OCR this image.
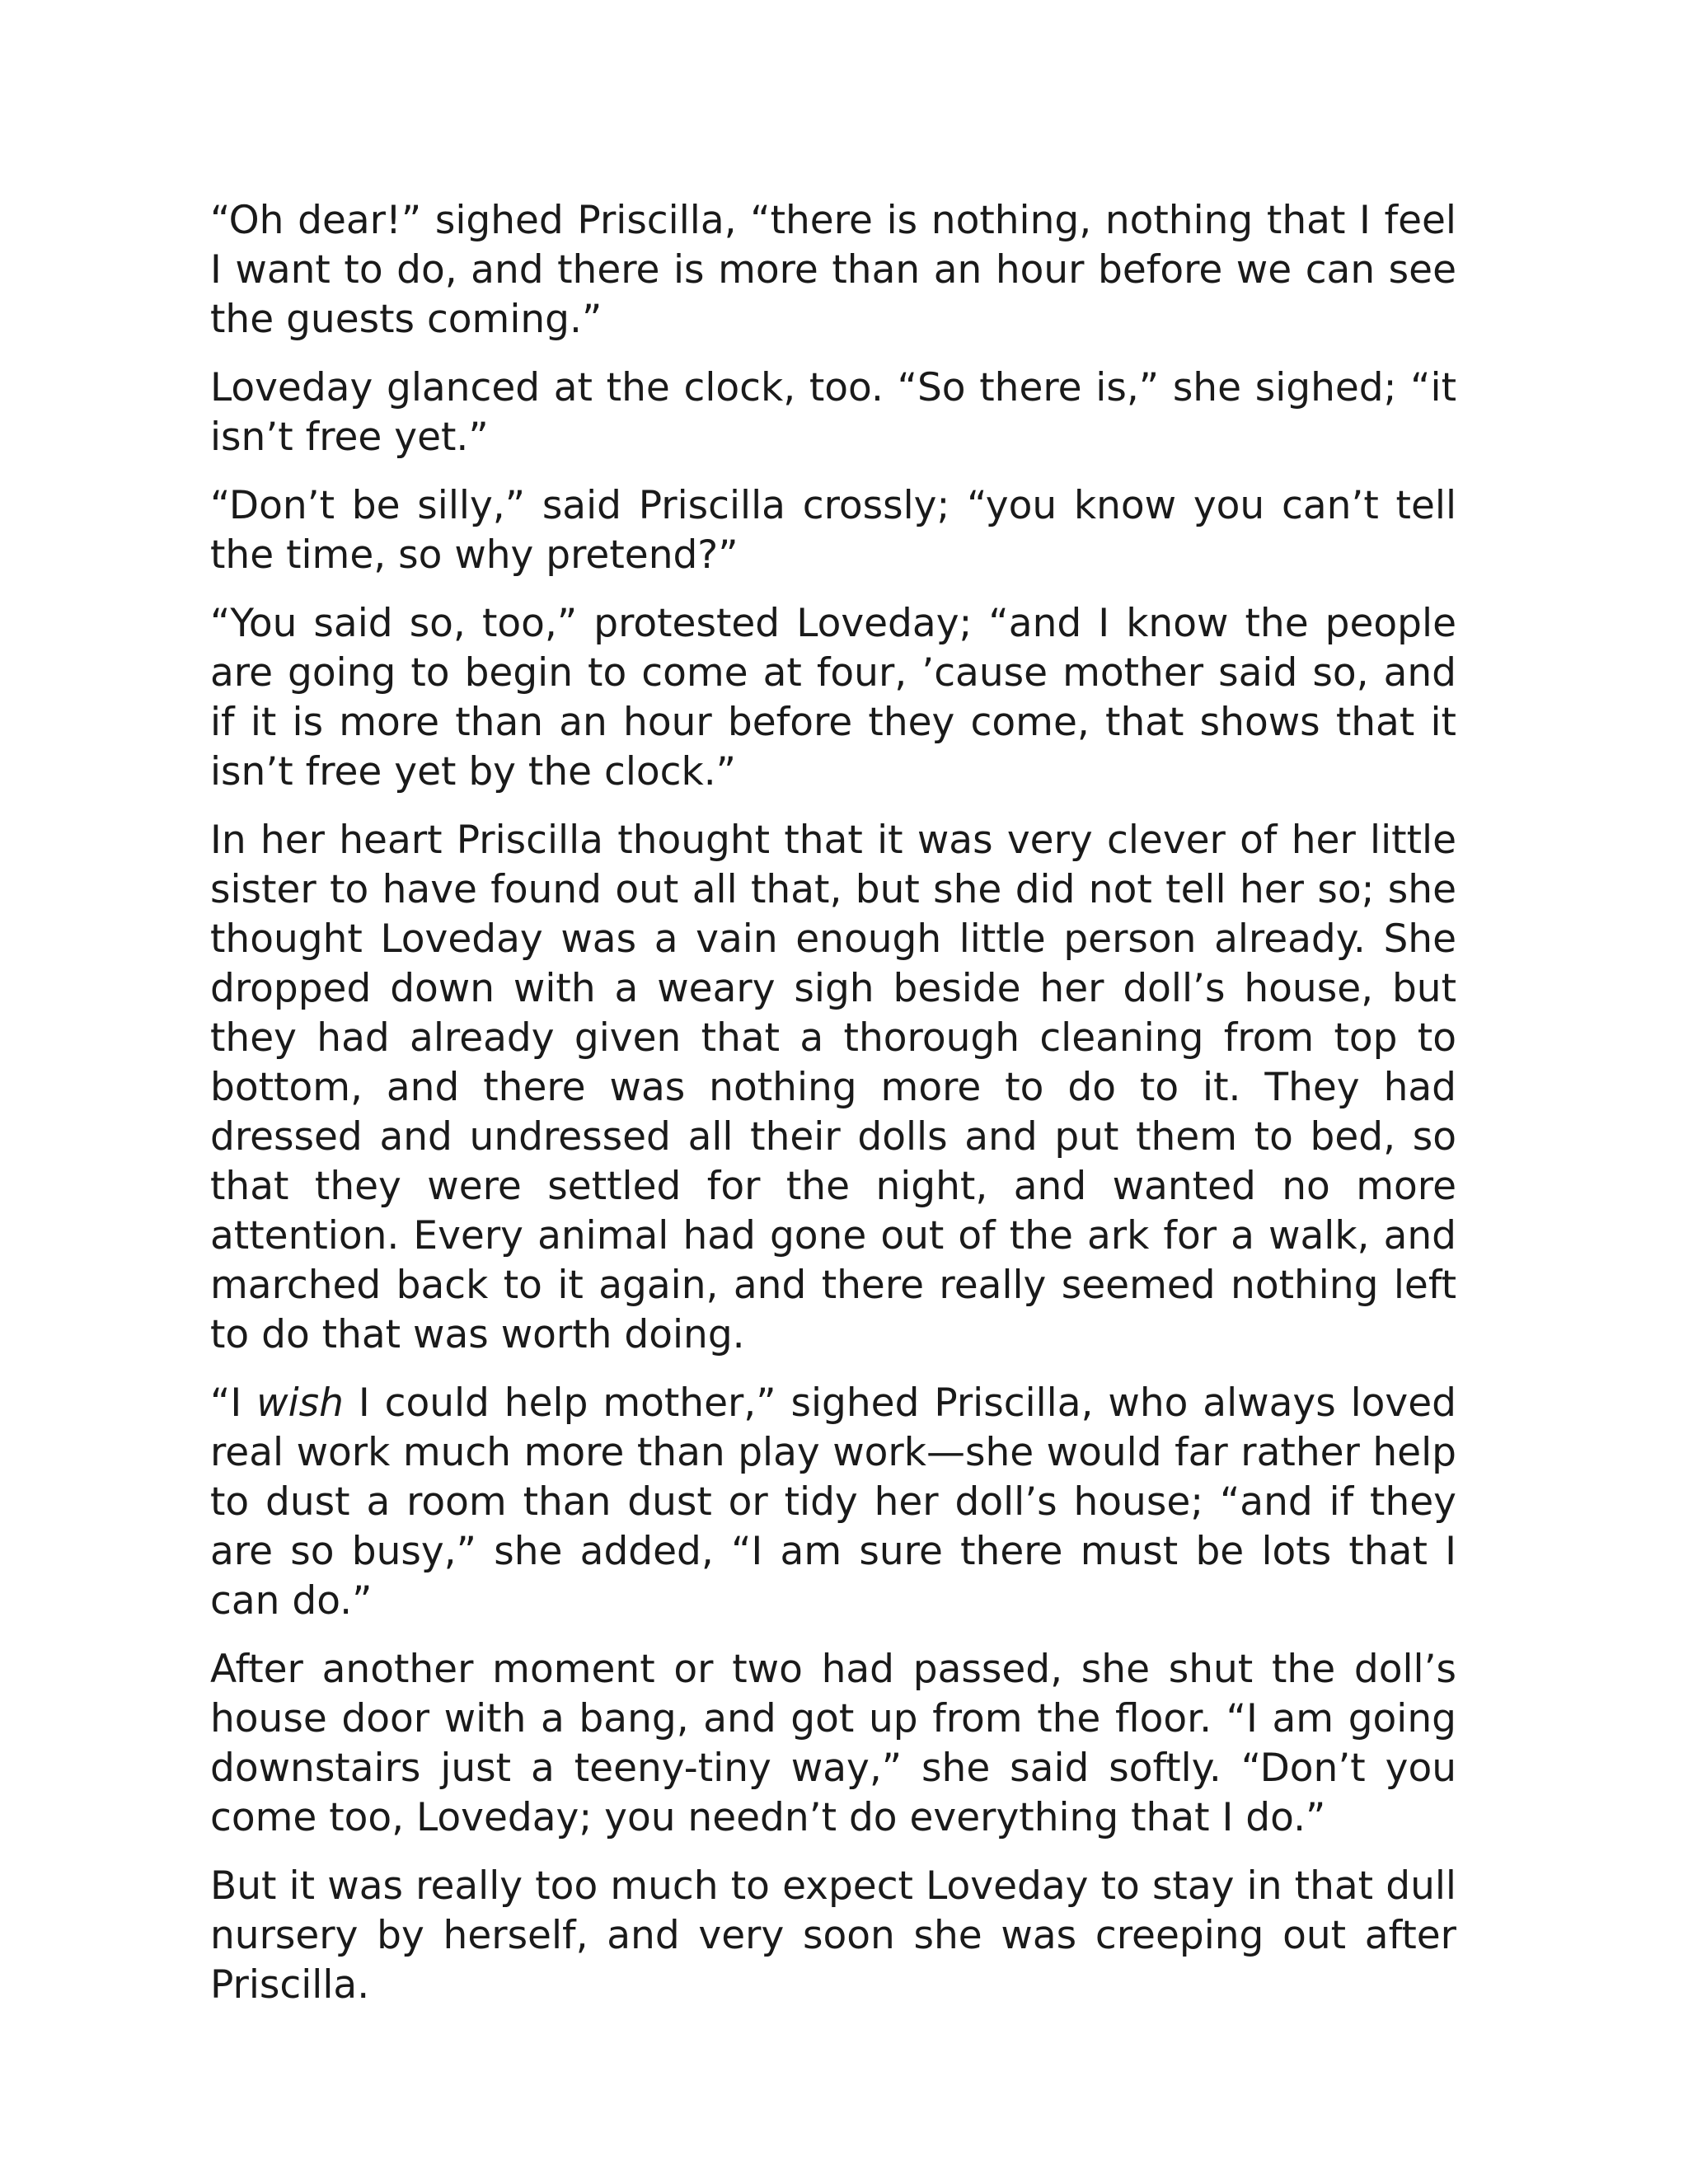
“Oh dear!” sighed Priscilla, “there is nothing, nothing that I feel I want to do, and there is more than an hour before we can see the guests coming.”

Loveday glanced at the clock, too. “So there is,” she sighed; “it isn’t free yet.”

“Don’t be silly,” said Priscilla crossly; “you know you can’t tell the time, so why pretend?”

“You said so, too,” protested Loveday; “and I know the people are going to begin to come at four, ’cause mother said so, and if it is more than an hour before they come, that shows that it isn’t free yet by the clock.”

In her heart Priscilla thought that it was very clever of her little sister to have found out all that, but she did not tell her so; she thought Loveday was a vain enough little person already. She dropped down with a weary sigh beside her doll’s house, but they had already given that a thorough cleaning from top to bottom, and there was nothing more to do to it. They had dressed and undressed all their dolls and put them to bed, so that they were settled for the night, and wanted no more attention. Every animal had gone out of the ark for a walk, and marched back to it again, and there really seemed nothing left to do that was worth doing.

“I wish I could help mother,” sighed Priscilla, who always loved real work much more than play work—she would far rather help to dust a room than dust or tidy her doll’s house; “and if they are so busy,” she added, “I am sure there must be lots that I can do.”

After another moment or two had passed, she shut the doll’s house door with a bang, and got up from the floor. “I am going downstairs just a teeny-tiny way,” she said softly. “Don’t you come too, Loveday; you needn’t do everything that I do.”

But it was really too much to expect Loveday to stay in that dull nursery by herself, and very soon she was creeping out after Priscilla.
